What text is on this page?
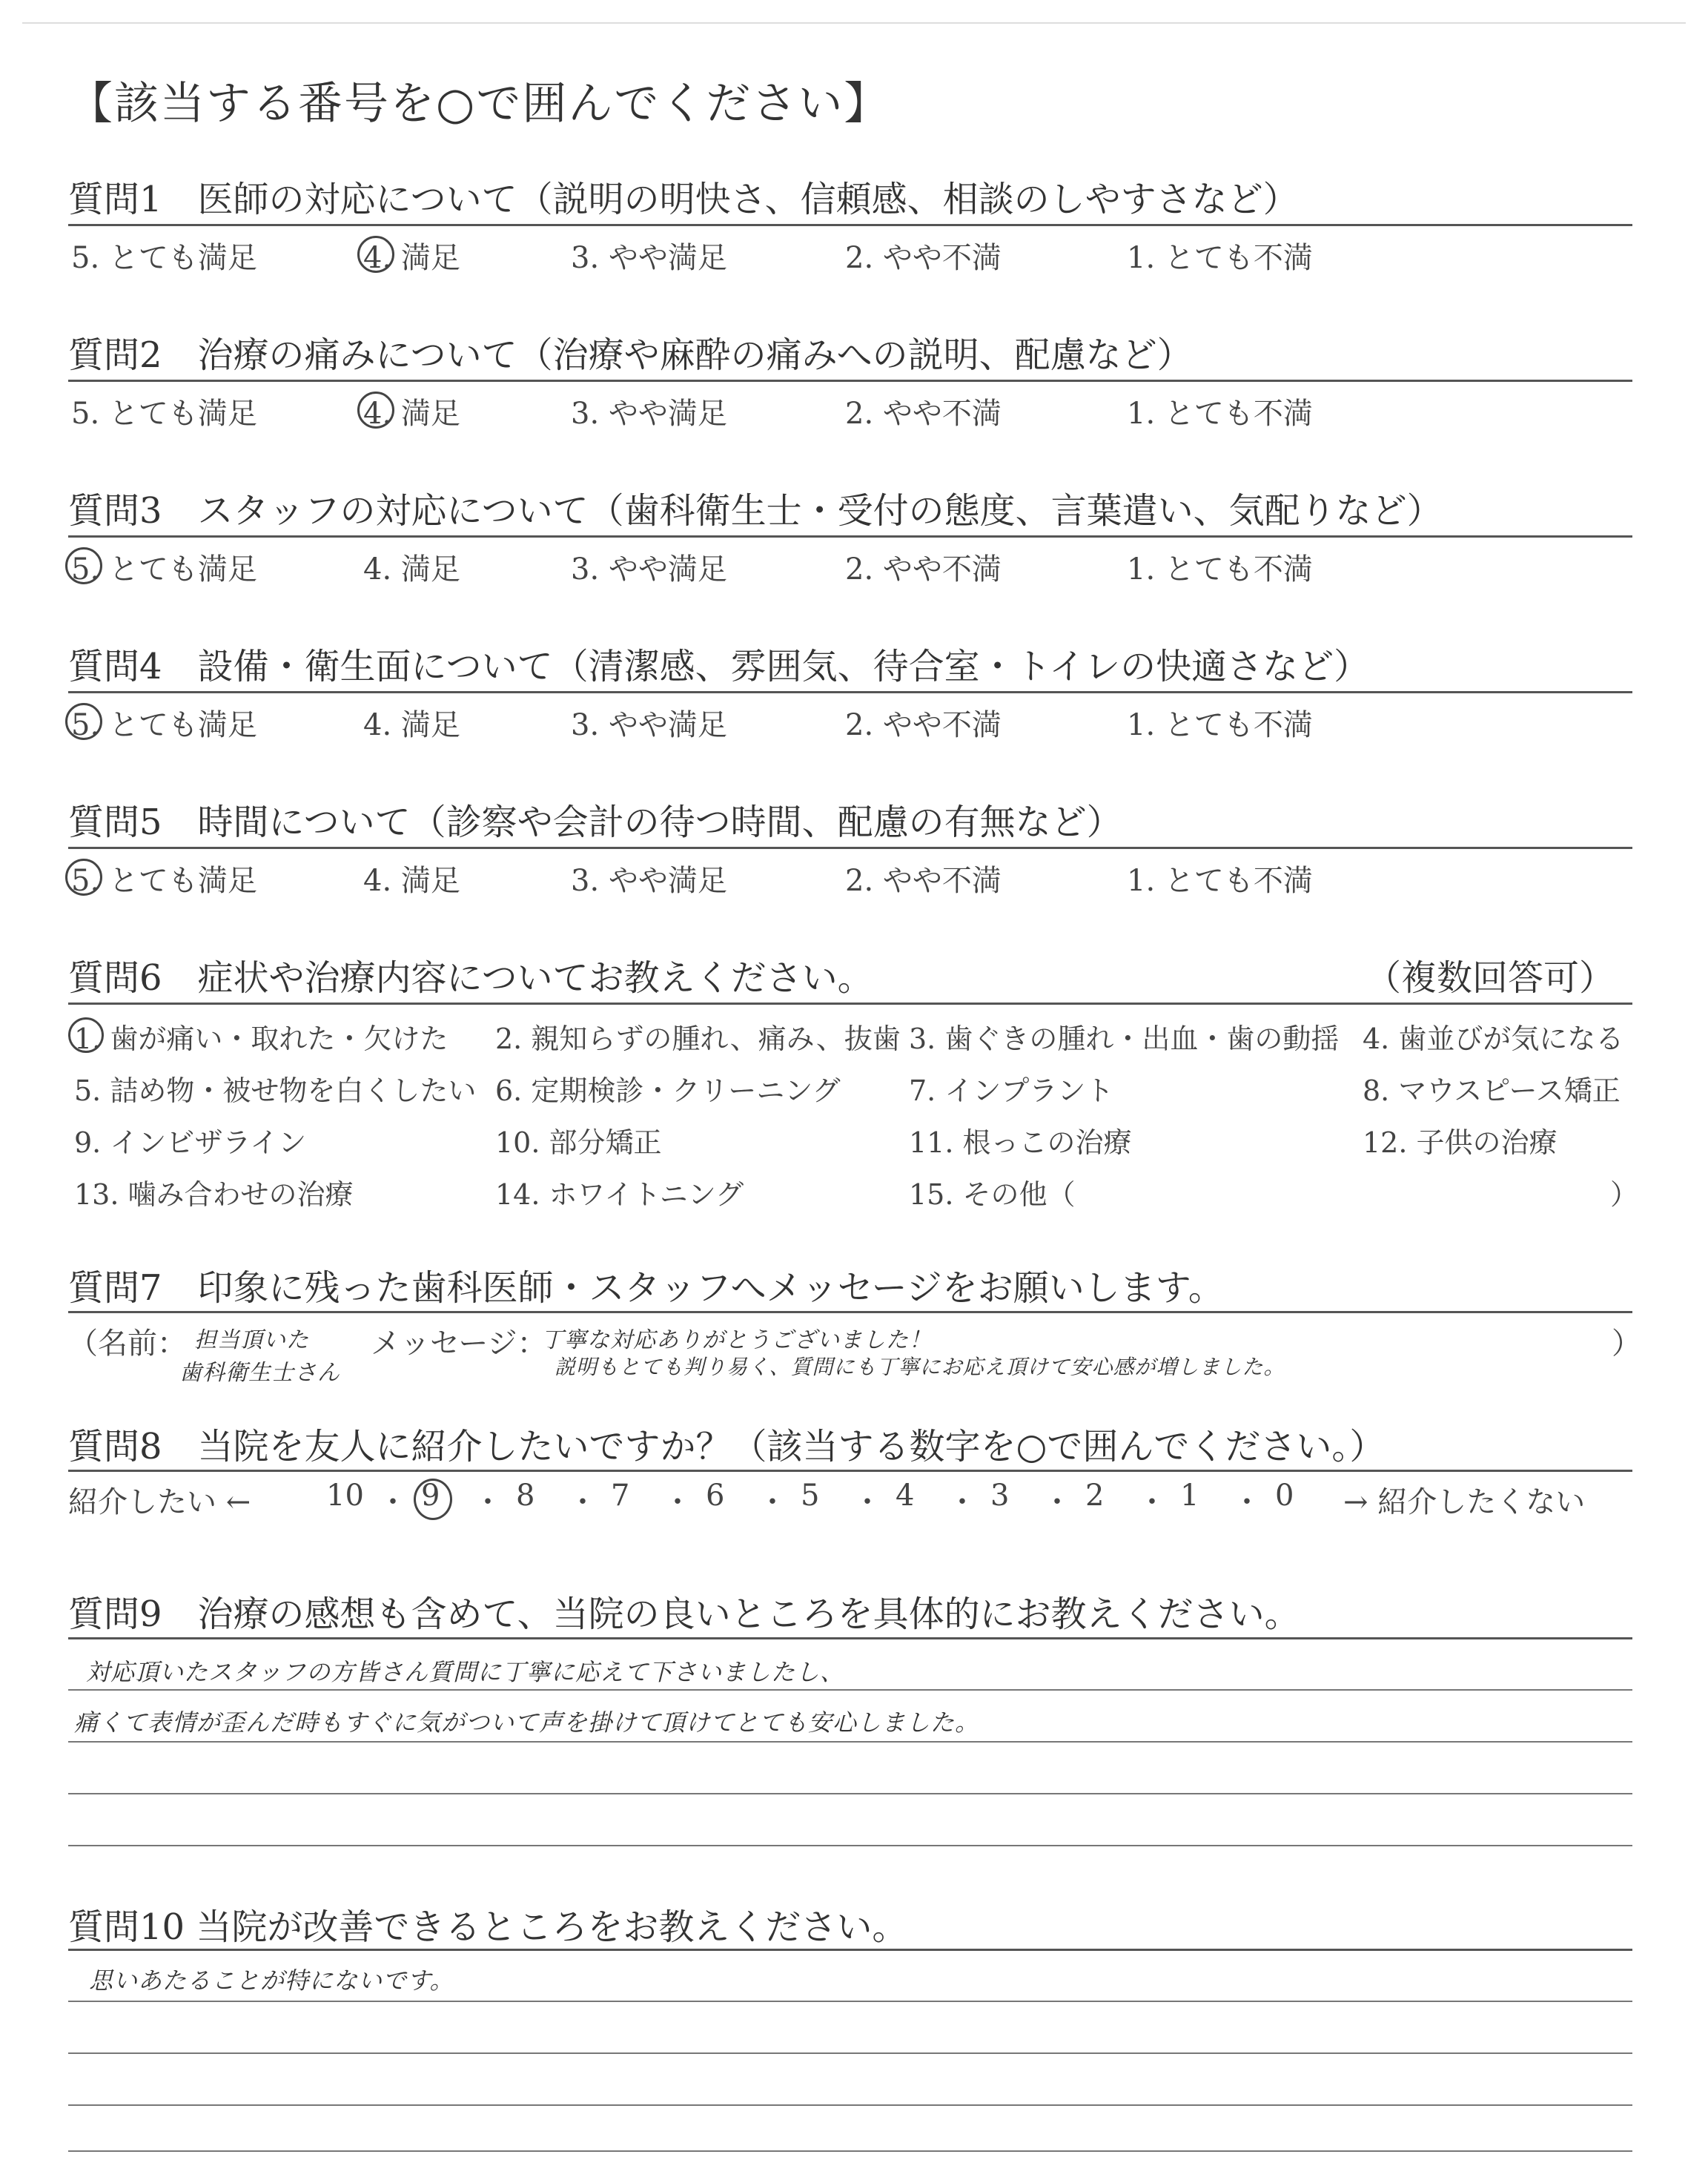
【該当する番号を○で囲んでください】
質問1　医師の対応について（説明の明快さ、信頼感、相談のしやすさなど）
5. とても満足	4. 満足	3. やや満足	2. やや不満	1. とても不満
質問2　治療の痛みについて（治療や麻酔の痛みへの説明、配慮など）
5. とても満足	4. 満足	3. やや満足	2. やや不満	1. とても不満
質問3　スタッフの対応について（歯科衛生士・受付の態度、言葉遣い、気配りなど）
5. とても満足	4. 満足	3. やや満足	2. やや不満	1. とても不満
質問4　設備・衛生面について（清潔感、雰囲気、待合室・トイレの快適さなど）
5. とても満足	4. 満足	3. やや満足	2. やや不満	1. とても不満
質問5　時間について（診察や会計の待つ時間、配慮の有無など）
5. とても満足	4. 満足	3. やや満足	2. やや不満	1. とても不満
質問6　症状や治療内容についてお教えください。	（複数回答可）
1. 歯が痛い・取れた・欠けた 2. 親知らずの腫れ、痛み、抜歯 3. 歯ぐきの腫れ・出血・歯の動揺 4. 歯並びが気になる
5. 詰め物・被せ物を白くしたい 6. 定期検診・クリーニング 7. インプラント	8. マウスピース矯正
9. インビザライン	10. 部分矯正	11. 根っこの治療	12. 子供の治療
13. 噛み合わせの治療	14. ホワイトニング	15. その他（	）
質問7　印象に残った歯科医師・スタッフへメッセージをお願いします。
（名前： 担当頂いた
歯科衛生士さん
メッセージ：
丁寧な対応ありがとうございました！
説明もとても判り易く、質問にも丁寧にお応え頂けて安心感が増しました。
）
質問8　当院を友人に紹介したいですか？（該当する数字を○で囲んでください。）
紹介したい ←	→ 紹介したくない
10 ・ 9 ・ 8 ・ 7 ・ 6 ・ 5 ・ 4 ・ 3 ・ 2 ・ 1 ・ 0
質問9　治療の感想も含めて、当院の良いところを具体的にお教えください。
対応頂いたスタッフの方皆さん質問に丁寧に応えて下さいましたし、
痛くて表情が歪んだ時もすぐに気がついて声を掛けて頂けてとても安心しました。
質問10 当院が改善できるところをお教えください。
思いあたることが特にないです。
